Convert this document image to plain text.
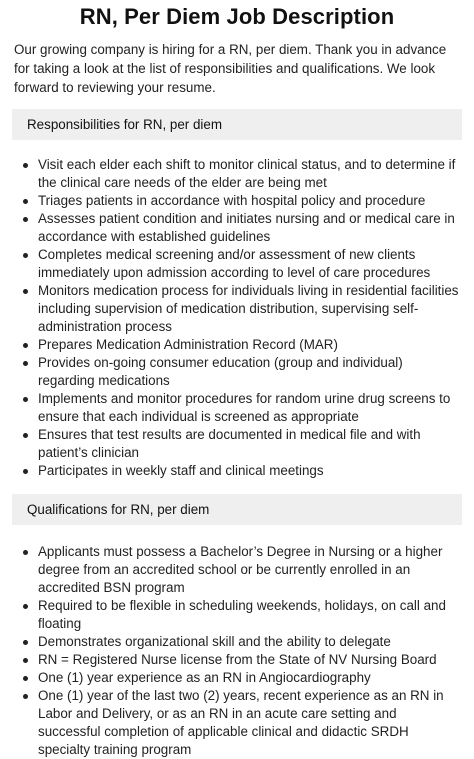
RN, Per Diem Job Description

Our growing company is hiring for a RN, per diem. Thank you in advance for taking a look at the list of responsibilities and qualifications. We look forward to reviewing your resume.

Responsibilities for RN, per diem
Visit each elder each shift to monitor clinical status, and to determine if the clinical care needs of the elder are being met
Triages patients in accordance with hospital policy and procedure
Assesses patient condition and initiates nursing and or medical care in accordance with established guidelines
Completes medical screening and/or assessment of new clients immediately upon admission according to level of care procedures
Monitors medication process for individuals living in residential facilities including supervision of medication distribution, supervising self-administration process
Prepares Medication Administration Record (MAR)
Provides on-going consumer education (group and individual) regarding medications
Implements and monitor procedures for random urine drug screens to ensure that each individual is screened as appropriate
Ensures that test results are documented in medical file and with patient’s clinician
Participates in weekly staff and clinical meetings
Qualifications for RN, per diem
Applicants must possess a Bachelor’s Degree in Nursing or a higher degree from an accredited school or be currently enrolled in an accredited BSN program
Required to be flexible in scheduling weekends, holidays, on call and floating
Demonstrates organizational skill and the ability to delegate
RN = Registered Nurse license from the State of NV Nursing Board
One (1) year experience as an RN in Angiocardiography
One (1) year of the last two (2) years, recent experience as an RN in Labor and Delivery, or as an RN in an acute care setting and successful completion of applicable clinical and didactic SRDH specialty training program
